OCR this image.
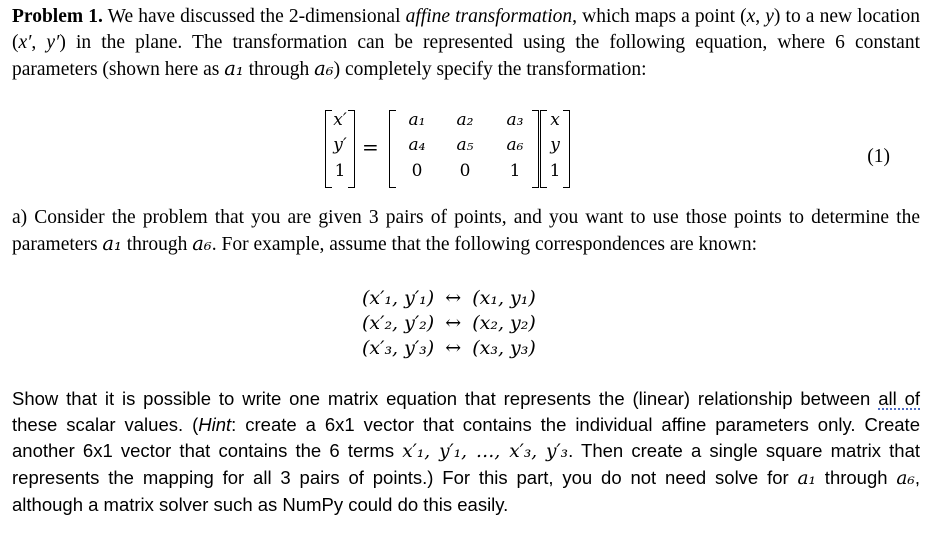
Problem 1. We have discussed the 2-dimensional affine transformation, which maps a point (x, y) to a new location (x′, y′) in the plane. The transformation can be represented using the following equation, where 6 constant parameters (shown here as a₁ through a₆) completely specify the transformation:

x′
y′
1
=
a₁ a₂ a₃
a₄ a₅ a₆
0	0	1
x
y
1
(1)

a) Consider the problem that you are given 3 pairs of points, and you want to use those points to determine the parameters a₁ through a₆. For example, assume that the following correspondences are known:

(x′₁, y′₁) ↔ (x₁, y₁)
(x′₂, y′₂) ↔ (x₂, y₂)
(x′₃, y′₃) ↔ (x₃, y₃)

Show that it is possible to write one matrix equation that represents the (linear) relationship between all of these scalar values. (Hint: create a 6x1 vector that contains the individual affine parameters only. Create another 6x1 vector that contains the 6 terms x′₁, y′₁, …, x′₃, y′₃. Then create a single square matrix that represents the mapping for all 3 pairs of points.) For this part, you do not need solve for a₁ through a₆, although a matrix solver such as NumPy could do this easily.
